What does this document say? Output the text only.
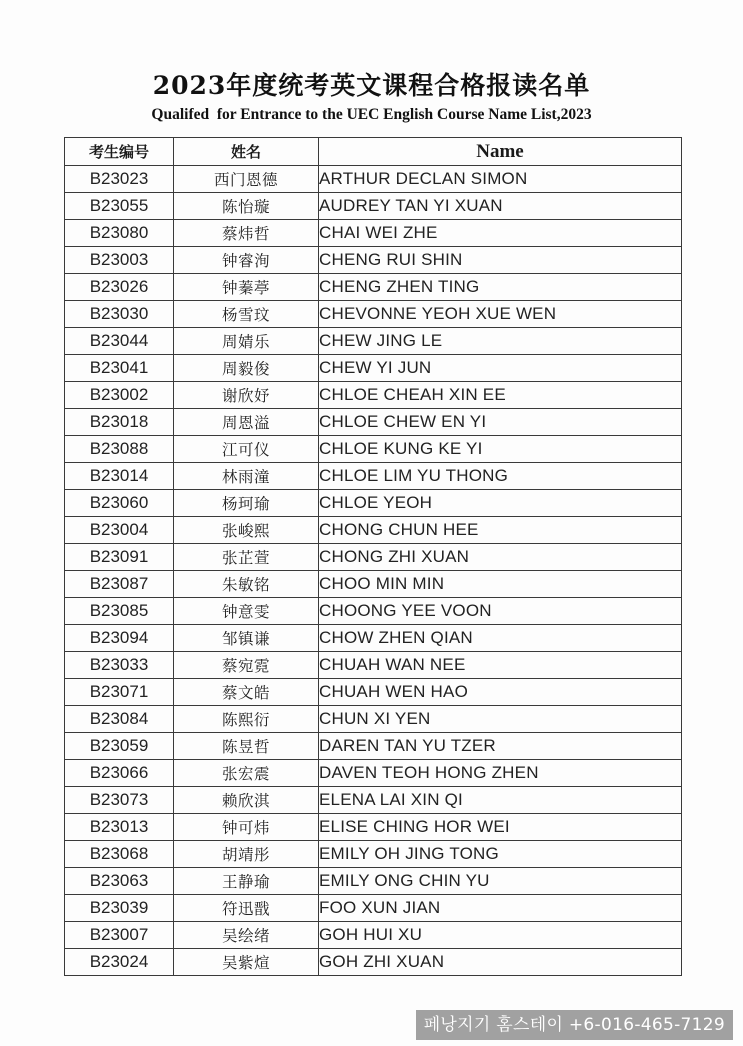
2023年度统考英文课程合格报读名单
Qualifed  for Entrance to the UEC English Course Name List,2023
考生编号	姓名	Name
B23023	西门恩德	ARTHUR DECLAN SIMON
B23055	陈怡璇	AUDREY TAN YI XUAN
B23080	蔡炜哲	CHAI WEI ZHE
B23003	钟睿洵	CHENG RUI SHIN
B23026	钟蓁葶	CHENG ZHEN TING
B23030	杨雪玟	CHEVONNE YEOH XUE WEN
B23044	周婧乐	CHEW JING LE
B23041	周毅俊	CHEW YI JUN
B23002	谢欣妤	CHLOE CHEAH XIN EE
B23018	周恩溢	CHLOE CHEW EN YI
B23088	江可仪	CHLOE KUNG KE YI
B23014	林雨潼	CHLOE LIM YU THONG
B23060	杨珂瑜	CHLOE YEOH
B23004	张峻熙	CHONG CHUN HEE
B23091	张芷萱	CHONG ZHI XUAN
B23087	朱敏铭	CHOO MIN MIN
B23085	钟意雯	CHOONG YEE VOON
B23094	邹镇谦	CHOW ZHEN QIAN
B23033	蔡宛霓	CHUAH WAN NEE
B23071	蔡文皓	CHUAH WEN HAO
B23084	陈熙衍	CHUN XI YEN
B23059	陈昱哲	DAREN TAN YU TZER
B23066	张宏震	DAVEN TEOH HONG ZHEN
B23073	赖欣淇	ELENA LAI XIN QI
B23013	钟可炜	ELISE CHING HOR WEI
B23068	胡靖彤	EMILY OH JING TONG
B23063	王静瑜	EMILY ONG CHIN YU
B23039	符迅戬	FOO XUN JIAN
B23007	吴绘绪	GOH HUI XU
B23024	吴紫煊	GOH ZHI XUAN
페낭지기 홈스테이 +6-016-465-7129
